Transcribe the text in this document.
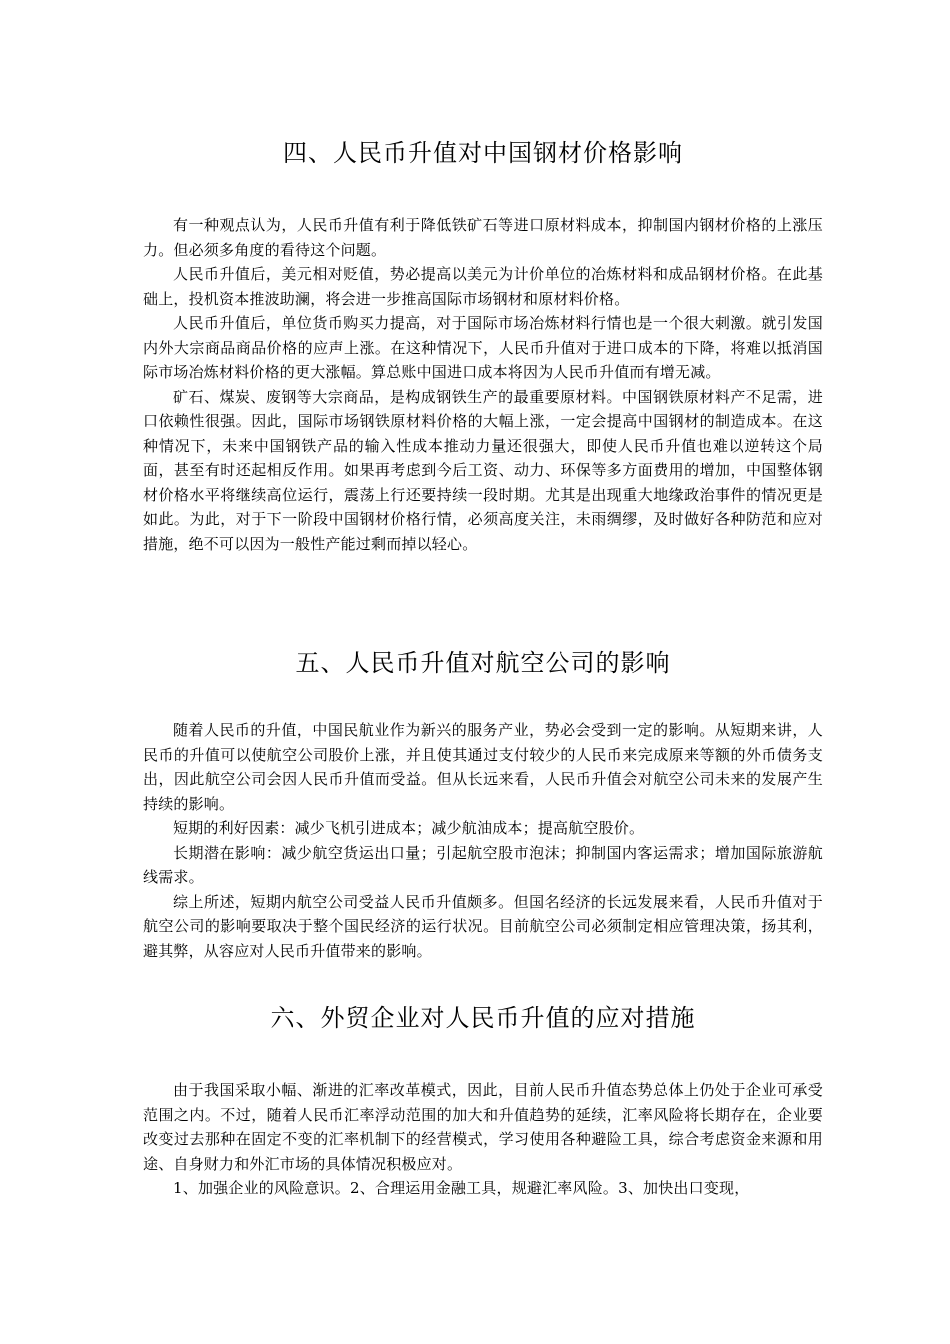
四、人民币升值对中国钢材价格影响

有一种观点认为，人民币升值有利于降低铁矿石等进口原材料成本，抑制国内钢材价格的上涨压力。但必须多角度的看待这个问题。

人民币升值后，美元相对贬值，势必提高以美元为计价单位的冶炼材料和成品钢材价格。在此基础上，投机资本推波助澜，将会进一步推高国际市场钢材和原材料价格。

人民币升值后，单位货币购买力提高，对于国际市场冶炼材料行情也是一个很大刺激。就引发国内外大宗商品商品价格的应声上涨。在这种情况下，人民币升值对于进口成本的下降，将难以抵消国际市场冶炼材料价格的更大涨幅。算总账中国进口成本将因为人民币升值而有增无减。

矿石、煤炭、废钢等大宗商品，是构成钢铁生产的最重要原材料。中国钢铁原材料产不足需，进口依赖性很强。因此，国际市场钢铁原材料价格的大幅上涨，一定会提高中国钢材的制造成本。在这种情况下，未来中国钢铁产品的输入性成本推动力量还很强大，即使人民币升值也难以逆转这个局面，甚至有时还起相反作用。如果再考虑到今后工资、动力、环保等多方面费用的增加，中国整体钢材价格水平将继续高位运行，震荡上行还要持续一段时期。尤其是出现重大地缘政治事件的情况更是如此。为此，对于下一阶段中国钢材价格行情，必须高度关注，未雨绸缪，及时做好各种防范和应对措施，绝不可以因为一般性产能过剩而掉以轻心。

五、人民币升值对航空公司的影响

随着人民币的升值，中国民航业作为新兴的服务产业，势必会受到一定的影响。从短期来讲，人民币的升值可以使航空公司股价上涨，并且使其通过支付较少的人民币来完成原来等额的外币债务支出，因此航空公司会因人民币升值而受益。但从长远来看，人民币升值会对航空公司未来的发展产生持续的影响。

短期的利好因素：减少飞机引进成本；减少航油成本；提高航空股价。

长期潜在影响：减少航空货运出口量；引起航空股市泡沫；抑制国内客运需求；增加国际旅游航线需求。

综上所述，短期内航空公司受益人民币升值颇多。但国名经济的长远发展来看，人民币升值对于航空公司的影响要取决于整个国民经济的运行状况。目前航空公司必须制定相应管理决策，扬其利，避其弊，从容应对人民币升值带来的影响。

六、外贸企业对人民币升值的应对措施

由于我国采取小幅、渐进的汇率改革模式，因此，目前人民币升值态势总体上仍处于企业可承受范围之内。不过，随着人民币汇率浮动范围的加大和升值趋势的延续，汇率风险将长期存在，企业要改变过去那种在固定不变的汇率机制下的经营模式，学习使用各种避险工具，综合考虑资金来源和用途、自身财力和外汇市场的具体情况积极应对。

1、加强企业的风险意识。2、合理运用金融工具，规避汇率风险。3、加快出口变现，
